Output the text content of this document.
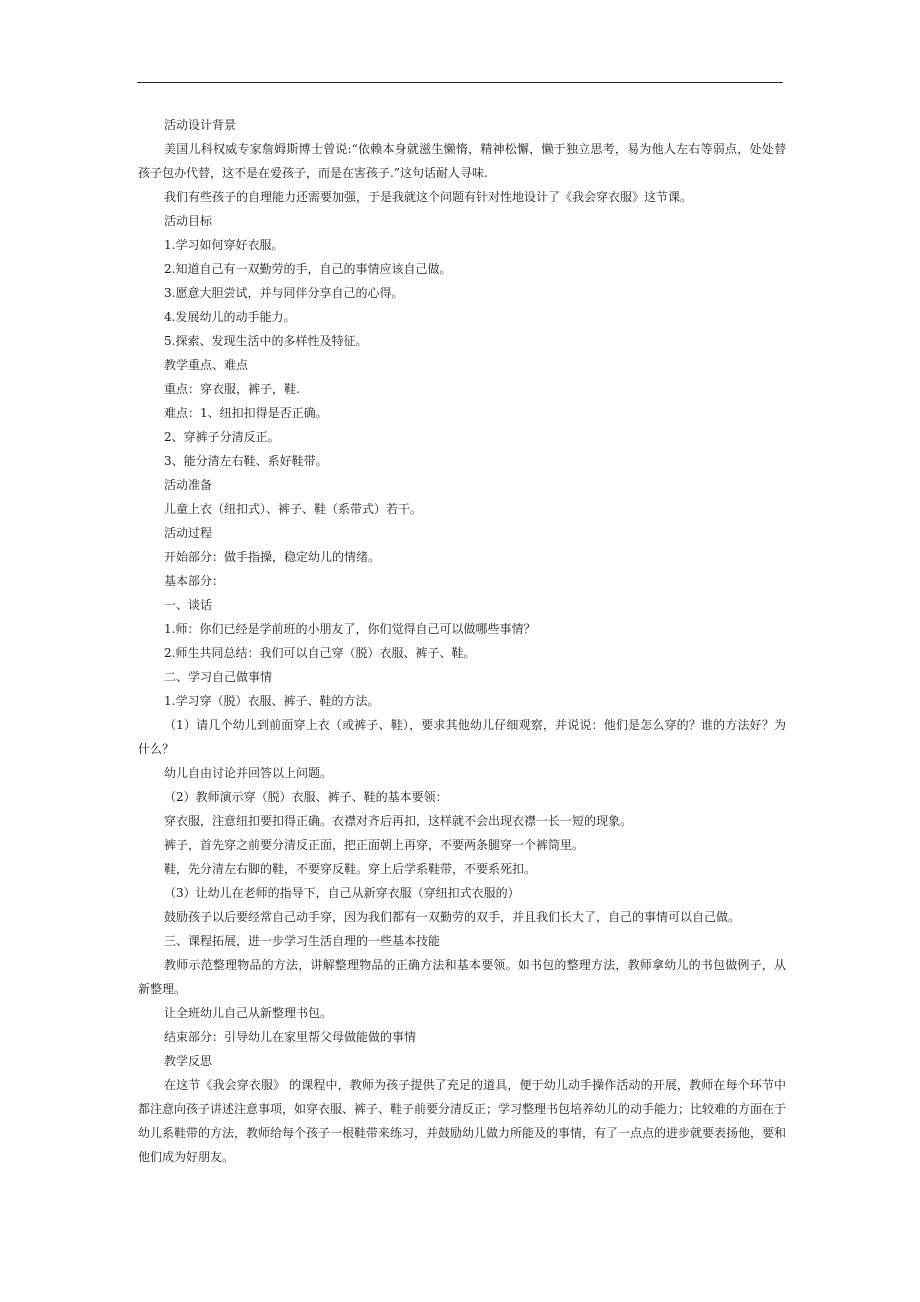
活动设计背景
美国儿科权威专家詹姆斯博士曾说:“依赖本身就滋生懒惰，精神松懈，懒于独立思考，易为他人左右等弱点，处处替孩子包办代替，这不是在爱孩子，而是在害孩子.”这句话耐人寻味.
我们有些孩子的自理能力还需要加强，于是我就这个问题有针对性地设计了《我会穿衣服》这节课。
活动目标
1.学习如何穿好衣服。
2.知道自己有一双勤劳的手，自己的事情应该自己做。
3.愿意大胆尝试，并与同伴分享自己的心得。
4.发展幼儿的动手能力。
5.探索、发现生活中的多样性及特征。
教学重点、难点
重点：穿衣服，裤子，鞋.
难点：1、纽扣扣得是否正确。
2、穿裤子分清反正。
3、能分清左右鞋、系好鞋带。
活动准备
儿童上衣（纽扣式）、裤子、鞋（系带式）若干。
活动过程
开始部分：做手指操，稳定幼儿的情绪。
基本部分：
一、谈话
1.师：你们已经是学前班的小朋友了，你们觉得自己可以做哪些事情？
2.师生共同总结：我们可以自己穿（脱）衣服、裤子、鞋。
二、学习自己做事情
1.学习穿（脱）衣服、裤子、鞋的方法。
（1）请几个幼儿到前面穿上衣（或裤子、鞋），要求其他幼儿仔细观察，并说说：他们是怎么穿的？谁的方法好？为什么？
幼儿自由讨论并回答以上问题。
（2）教师演示穿（脱）衣服、裤子、鞋的基本要领：
穿衣服，注意纽扣要扣得正确。衣襟对齐后再扣，这样就不会出现衣襟一长一短的现象。
裤子，首先穿之前要分清反正面，把正面朝上再穿，不要两条腿穿一个裤筒里。
鞋，先分清左右脚的鞋，不要穿反鞋。穿上后学系鞋带，不要系死扣。
（3）让幼儿在老师的指导下，自己从新穿衣服（穿纽扣式衣服的）
鼓励孩子以后要经常自己动手穿，因为我们都有一双勤劳的双手，并且我们长大了，自己的事情可以自己做。
三、课程拓展，进一步学习生活自理的一些基本技能
教师示范整理物品的方法，讲解整理物品的正确方法和基本要领。如书包的整理方法，教师拿幼儿的书包做例子，从新整理。
让全班幼儿自己从新整理书包。
结束部分：引导幼儿在家里帮父母做能做的事情
教学反思
在这节《我会穿衣服》 的课程中，教师为孩子提供了充足的道具，便于幼儿动手操作活动的开展，教师在每个环节中都注意向孩子讲述注意事项，如穿衣服、裤子、鞋子前要分清反正；学习整理书包培养幼儿的动手能力；比较难的方面在于幼儿系鞋带的方法，教师给每个孩子一根鞋带来练习，并鼓励幼儿做力所能及的事情，有了一点点的进步就要表扬他，要和他们成为好朋友。
